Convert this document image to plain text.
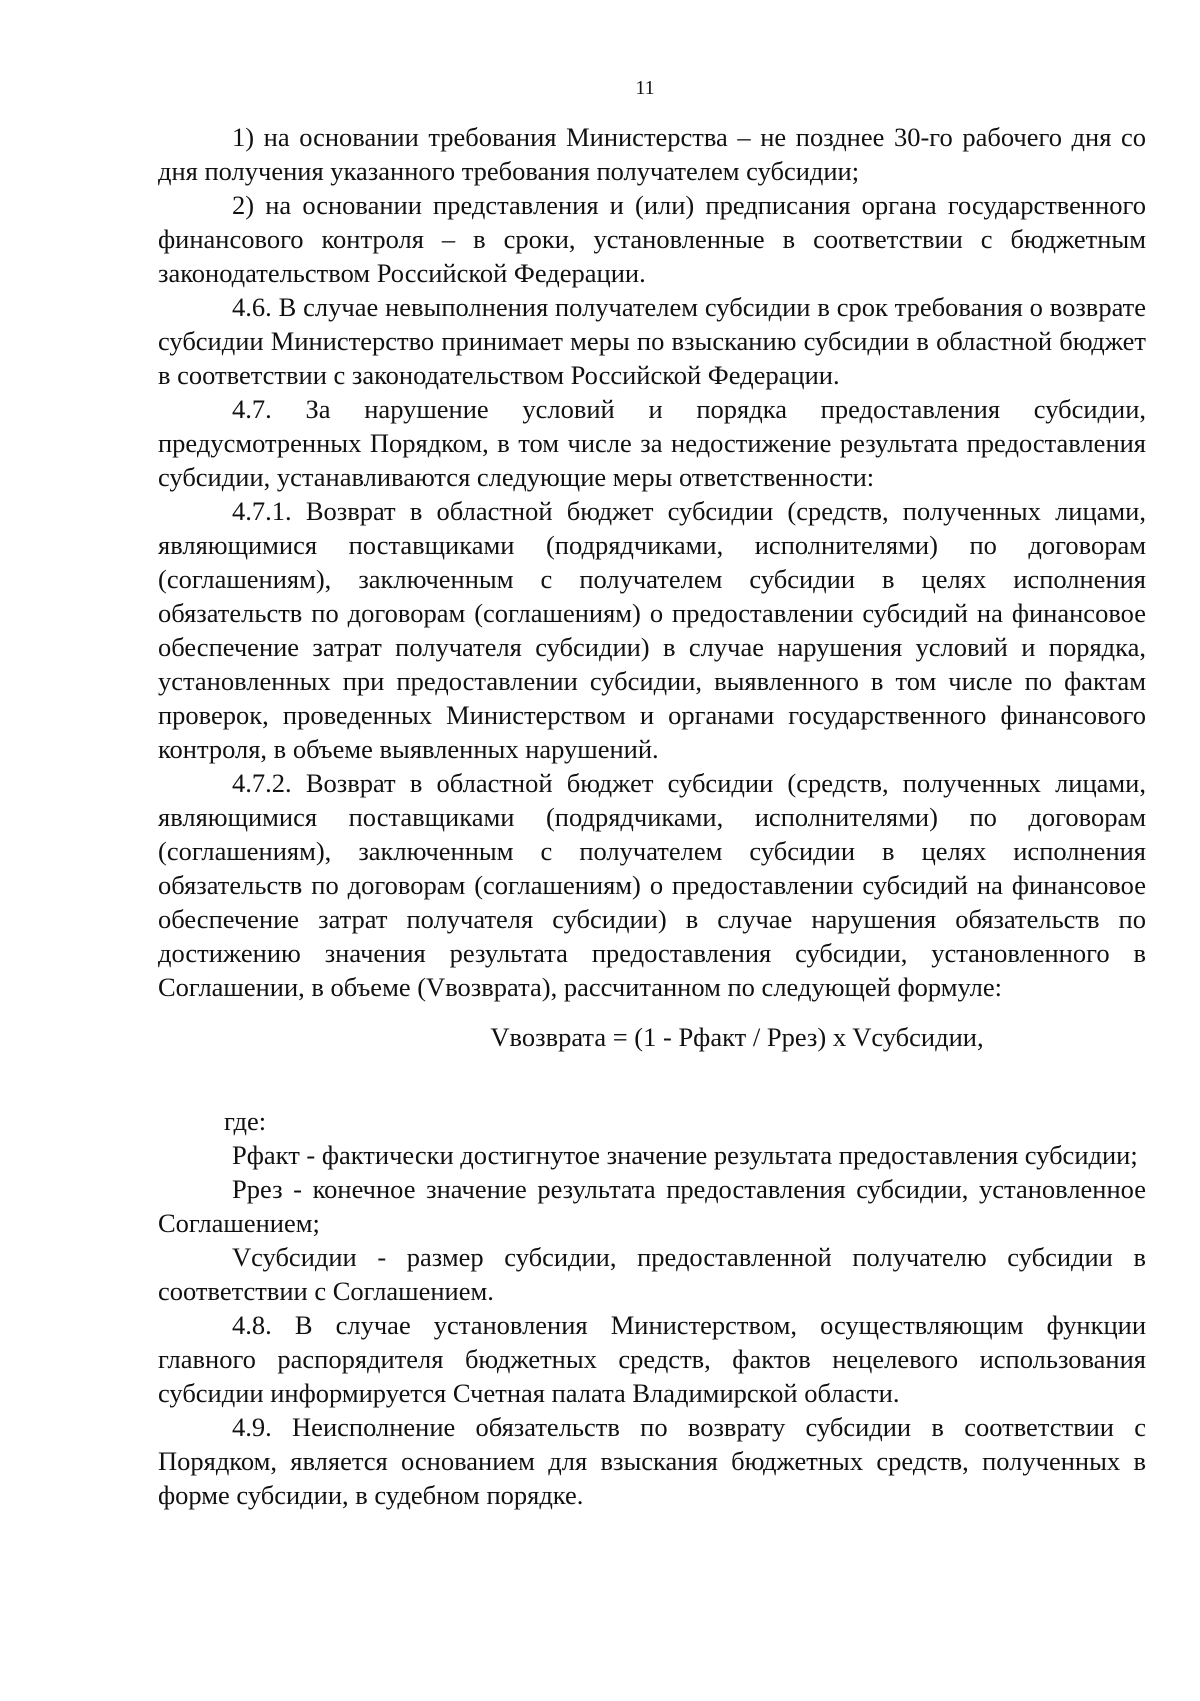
11

1) на основании требования Министерства – не позднее 30-го рабочего дня со дня получения указанного требования получателем субсидии;

2) на основании представления и (или) предписания органа государственного финансового контроля – в сроки, установленные в соответствии с бюджетным законодательством Российской Федерации.

4.6. В случае невыполнения получателем субсидии в срок требования о возврате субсидии Министерство принимает меры по взысканию субсидии в областной бюджет в соответствии с законодательством Российской Федерации.

4.7. За нарушение условий и порядка предоставления субсидии, предусмотренных Порядком, в том числе за недостижение результата предоставления субсидии, устанавливаются следующие меры ответственности:

4.7.1. Возврат в областной бюджет субсидии (средств, полученных лицами, являющимися поставщиками (подрядчиками, исполнителями) по договорам (соглашениям), заключенным с получателем субсидии в целях исполнения обязательств по договорам (соглашениям) о предоставлении субсидий на финансовое обеспечение затрат получателя субсидии) в случае нарушения условий и порядка, установленных при предоставлении субсидии, выявленного в том числе по фактам проверок, проведенных Министерством и органами государственного финансового контроля, в объеме выявленных нарушений.

4.7.2. Возврат в областной бюджет субсидии (средств, полученных лицами, являющимися поставщиками (подрядчиками, исполнителями) по договорам (соглашениям), заключенным с получателем субсидии в целях исполнения обязательств по договорам (соглашениям) о предоставлении субсидий на финансовое обеспечение затрат получателя субсидии) в случае нарушения обязательств по достижению значения результата предоставления субсидии, установленного в Соглашении, в объеме (Vвозврата), рассчитанном по следующей формуле:

Vвозврата = (1 - Pфакт / Pрез) x Vсубсидии,

где:

Pфакт - фактически достигнутое значение результата предоставления субсидии;

Pрез - конечное значение результата предоставления субсидии, установленное Соглашением;

Vсубсидии - размер субсидии, предоставленной получателю субсидии в соответствии с Соглашением.

4.8. В случае установления Министерством, осуществляющим функции главного распорядителя бюджетных средств, фактов нецелевого использования субсидии информируется Счетная палата Владимирской области.

4.9. Неисполнение обязательств по возврату субсидии в соответствии с Порядком, является основанием для взыскания бюджетных средств, полученных в форме субсидии, в судебном порядке.
